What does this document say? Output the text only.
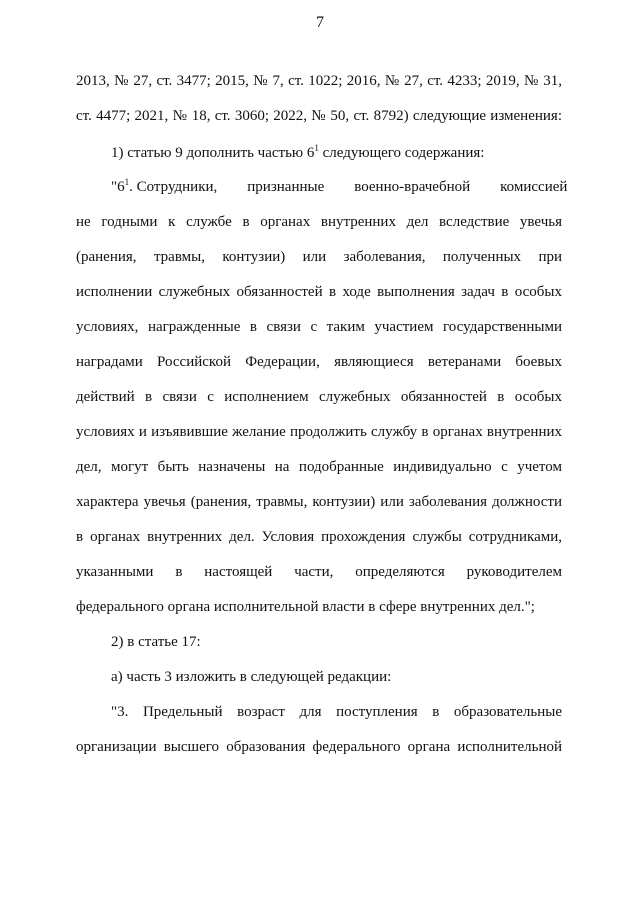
7
2013, № 27, ст. 3477; 2015, № 7, ст. 1022; 2016, № 27, ст. 4233; 2019, № 31,
ст. 4477; 2021, № 18, ст. 3060; 2022, № 50, ст. 8792) следующие изменения:
1) статью 9 дополнить частью $6^1$ следующего содержания:
"$6^1$. Сотрудники,        признанные        военно-врачебной        комиссией
не годными к службе в органах внутренних дел вследствие увечья
(ранения, травмы, контузии) или заболевания, полученных при
исполнении служебных обязанностей в ходе выполнения задач в особых
условиях, награжденные в связи с таким участием государственными
наградами Российской Федерации, являющиеся ветеранами боевых
действий в связи с исполнением служебных обязанностей в особых
условиях и изъявившие желание продолжить службу в органах внутренних
дел, могут быть назначены на подобранные индивидуально с учетом
характера увечья (ранения, травмы, контузии) или заболевания должности
в органах внутренних дел. Условия прохождения службы сотрудниками,
указанными в настоящей части, определяются руководителем
федерального органа исполнительной власти в сфере внутренних дел.";
2) в статье 17:
а) часть 3 изложить в следующей редакции:
"3. Предельный возраст для поступления в образовательные
организации высшего образования федерального органа исполнительной
